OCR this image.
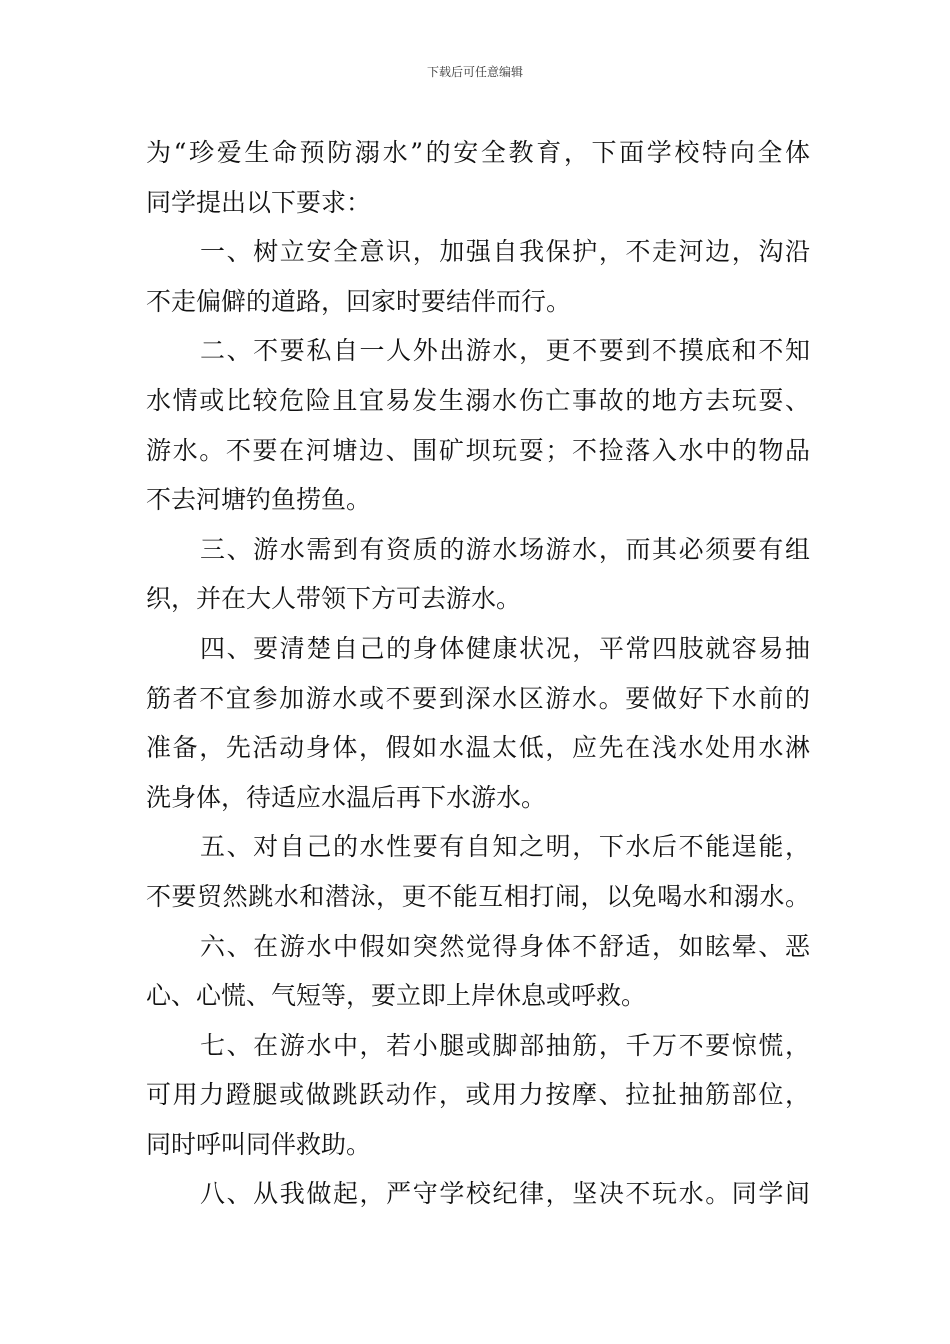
下载后可任意编辑
为“珍爱生命预防溺水”的安全教育，下面学校特向全体
同学提出以下要求：
一、树立安全意识，加强自我保护，不走河边，沟沿
不走偏僻的道路，回家时要结伴而行。
二、不要私自一人外出游水，更不要到不摸底和不知
水情或比较危险且宜易发生溺水伤亡事故的地方去玩耍、
游水。不要在河塘边、围矿坝玩耍；不捡落入水中的物品
不去河塘钓鱼捞鱼。
三、游水需到有资质的游水场游水，而其必须要有组
织，并在大人带领下方可去游水。
四、要清楚自己的身体健康状况，平常四肢就容易抽
筋者不宜参加游水或不要到深水区游水。要做好下水前的
准备，先活动身体，假如水温太低，应先在浅水处用水淋
洗身体，待适应水温后再下水游水。
五、对自己的水性要有自知之明，下水后不能逞能，
不要贸然跳水和潜泳，更不能互相打闹，以免喝水和溺水。
六、在游水中假如突然觉得身体不舒适，如眩晕、恶
心、心慌、气短等，要立即上岸休息或呼救。
七、在游水中，若小腿或脚部抽筋，千万不要惊慌，
可用力蹬腿或做跳跃动作，或用力按摩、拉扯抽筋部位，
同时呼叫同伴救助。
八、从我做起，严守学校纪律，坚决不玩水。同学间
